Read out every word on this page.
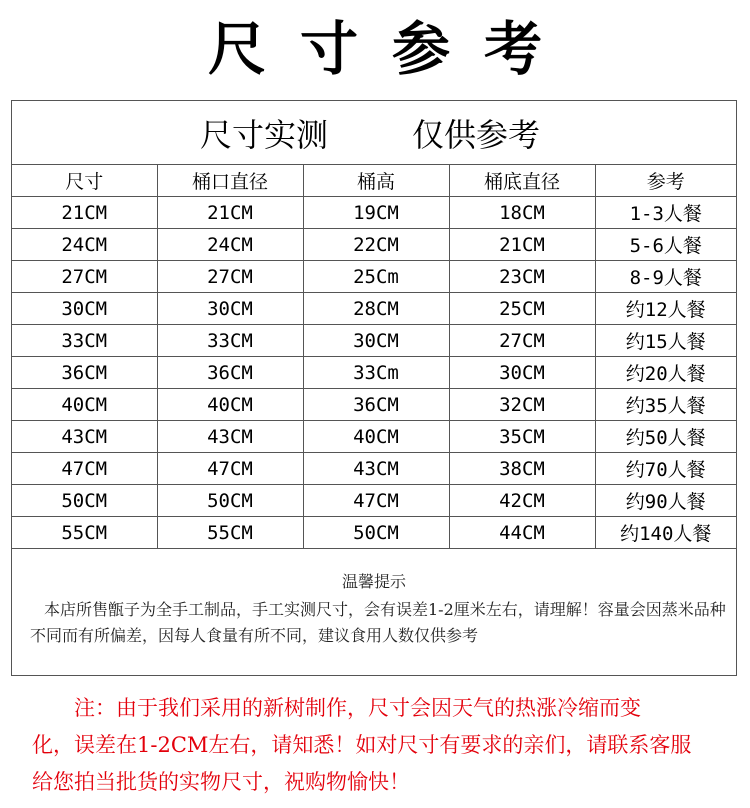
尺寸参考
尺寸实测	仅供参考
尺寸	桶口直径	桶高	桶底直径	参考
21CM	21CM	19CM	18CM	1-3人餐
24CM	24CM	22CM	21CM	5-6人餐
27CM	27CM	25Cm	23CM	8-9人餐
30CM	30CM	28CM	25CM	约12人餐
33CM	33CM	30CM	27CM	约15人餐
36CM	36CM	33Cm	30CM	约20人餐
40CM	40CM	36CM	32CM	约35人餐
43CM	43CM	40CM	35CM	约50人餐
47CM	47CM	43CM	38CM	约70人餐
50CM	50CM	47CM	42CM	约90人餐
55CM	55CM	50CM	44CM	约140人餐
温馨提示
本店所售甑子为全手工制品，手工实测尺寸，会有误差1-2厘米左右，请理解！容量会因蒸米品种不同而有所偏差，因每人食量有所不同，建议食用人数仅供参考

注：由于我们采用的新树制作，尺寸会因天气的热涨冷缩而变

化，误差在1-2CM左右，请知悉！如对尺寸有要求的亲们，请联系客服

给您拍当批货的实物尺寸，祝购物愉快！
